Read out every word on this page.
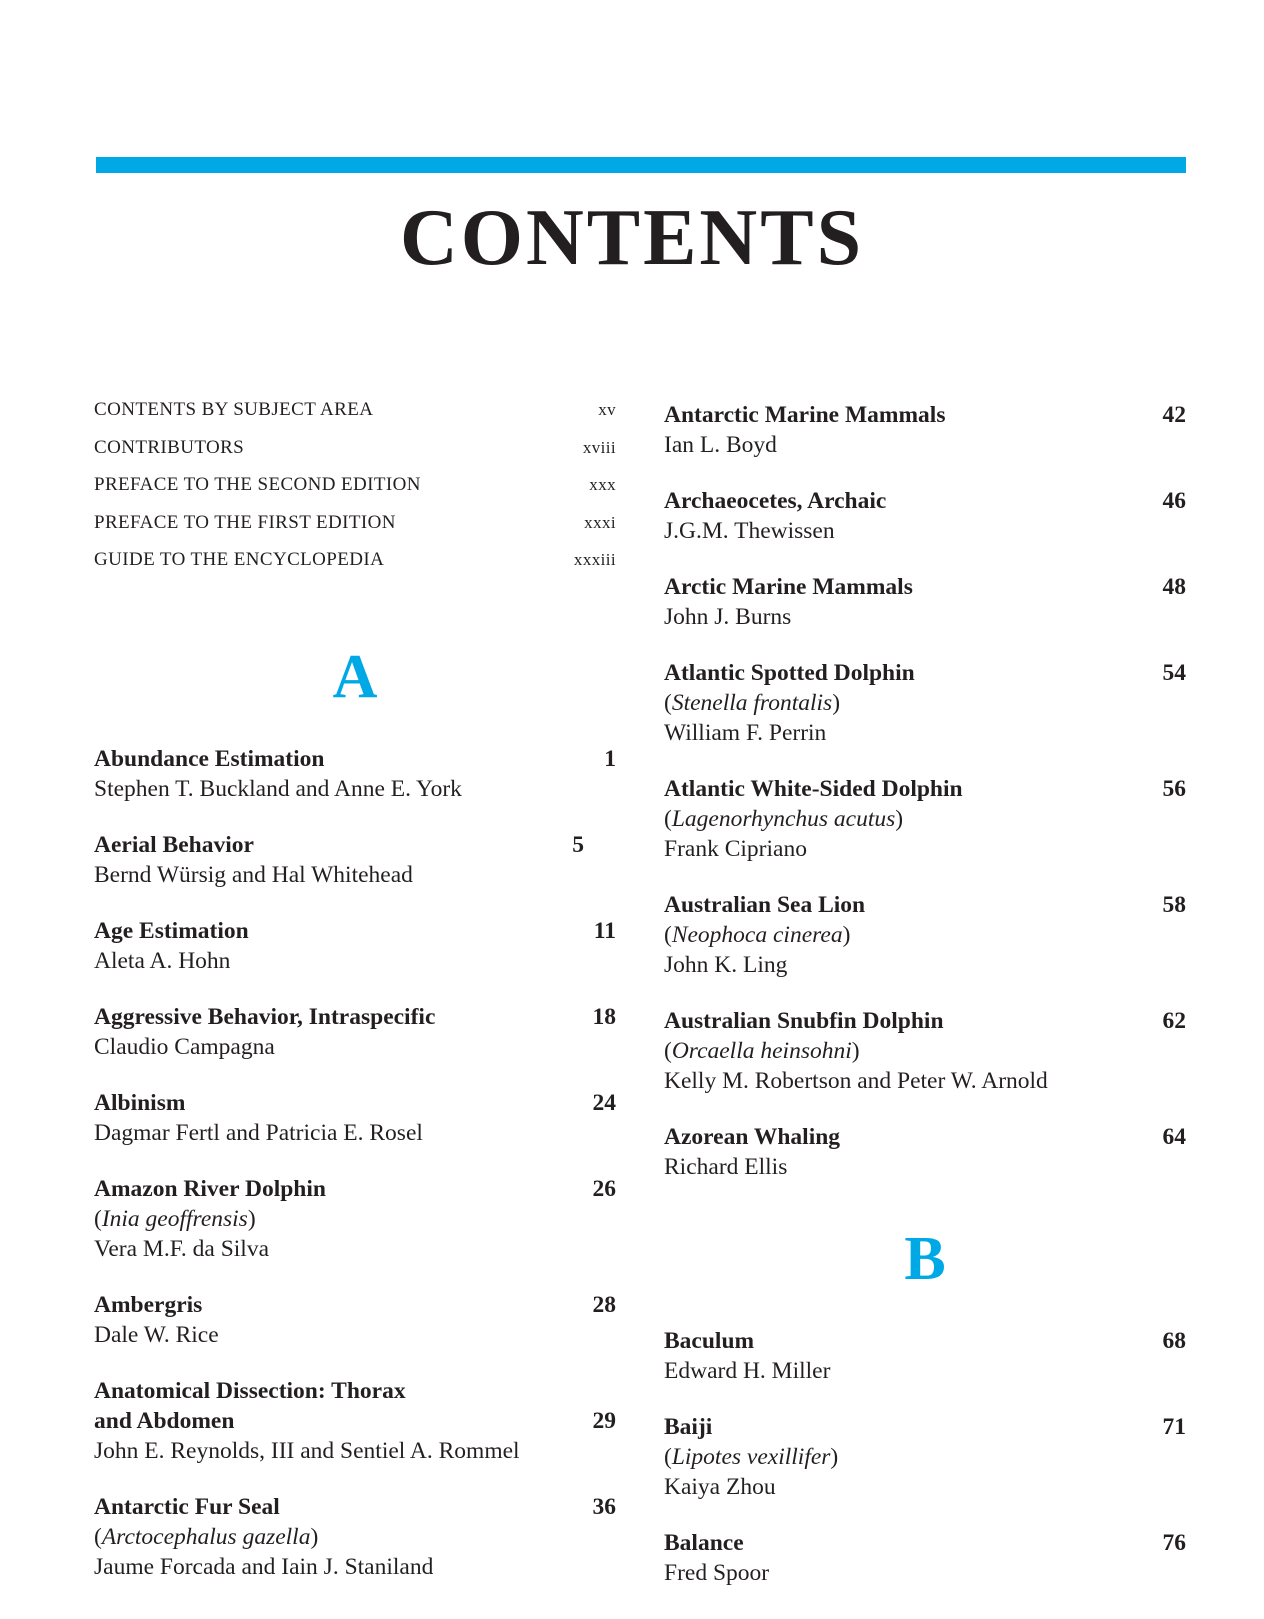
CONTENTS
CONTENTS BY SUBJECT AREA	xv
CONTRIBUTORS	xviii
PREFACE TO THE SECOND EDITION	xxx
PREFACE TO THE FIRST EDITION	xxxi
GUIDE TO THE ENCYCLOPEDIA	xxxiii
A
Abundance Estimation	1
Stephen T. Buckland and Anne E. York
Aerial Behavior	5
Bernd Würsig and Hal Whitehead
Age Estimation	11
Aleta A. Hohn
Aggressive Behavior, Intraspecific	18
Claudio Campagna
Albinism	24
Dagmar Fertl and Patricia E. Rosel
Amazon River Dolphin	26
(Inia geoffrensis)
Vera M.F. da Silva
Ambergris	28
Dale W. Rice
Anatomical Dissection: Thorax
and Abdomen	29
John E. Reynolds, III and Sentiel A. Rommel
Antarctic Fur Seal	36
(Arctocephalus gazella)
Jaume Forcada and Iain J. Staniland
Antarctic Marine Mammals	42
Ian L. Boyd
Archaeocetes, Archaic	46
J.G.M. Thewissen
Arctic Marine Mammals	48
John J. Burns
Atlantic Spotted Dolphin	54
(Stenella frontalis)
William F. Perrin
Atlantic White-Sided Dolphin	56
(Lagenorhynchus acutus)
Frank Cipriano
Australian Sea Lion	58
(Neophoca cinerea)
John K. Ling
Australian Snubfin Dolphin	62
(Orcaella heinsohni)
Kelly M. Robertson and Peter W. Arnold
Azorean Whaling	64
Richard Ellis
B
Baculum	68
Edward H. Miller
Baiji	71
(Lipotes vexillifer)
Kaiya Zhou
Balance	76
Fred Spoor
